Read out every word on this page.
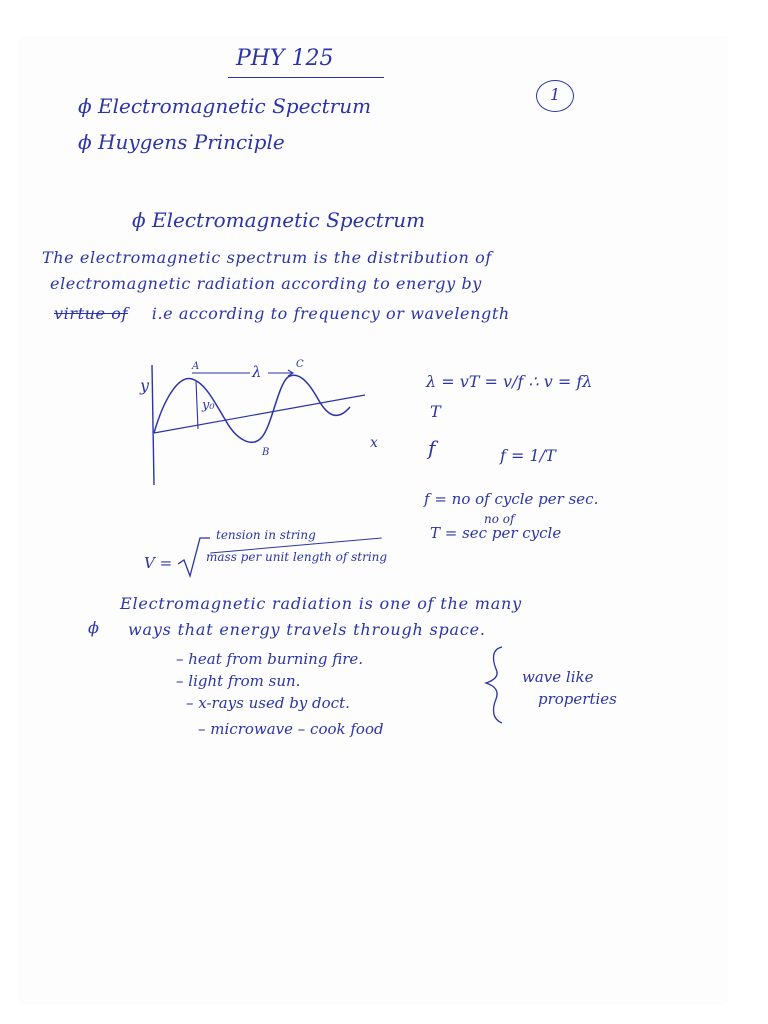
PHY 125
1
ϕ Electromagnetic Spectrum
ϕ Huygens Principle
ϕ Electromagnetic Spectrum
The electromagnetic spectrum is the distribution of
electromagnetic radiation according to energy by
virtue of i.e according to frequency or wavelength
y
x
A	C
B
λ
y₀
λ = vT = v/f ∴ v = fλ
T
f	f = 1/T
f = no of cycle per sec.
no of
T = sec per cycle
V =
tension in string
mass per unit length of string
ϕ
Electromagnetic radiation is one of the many
ways that energy travels through space.
– heat from burning fire.
– light from sun.
– x-rays used by doct.
– microwave – cook food
wave like
properties
